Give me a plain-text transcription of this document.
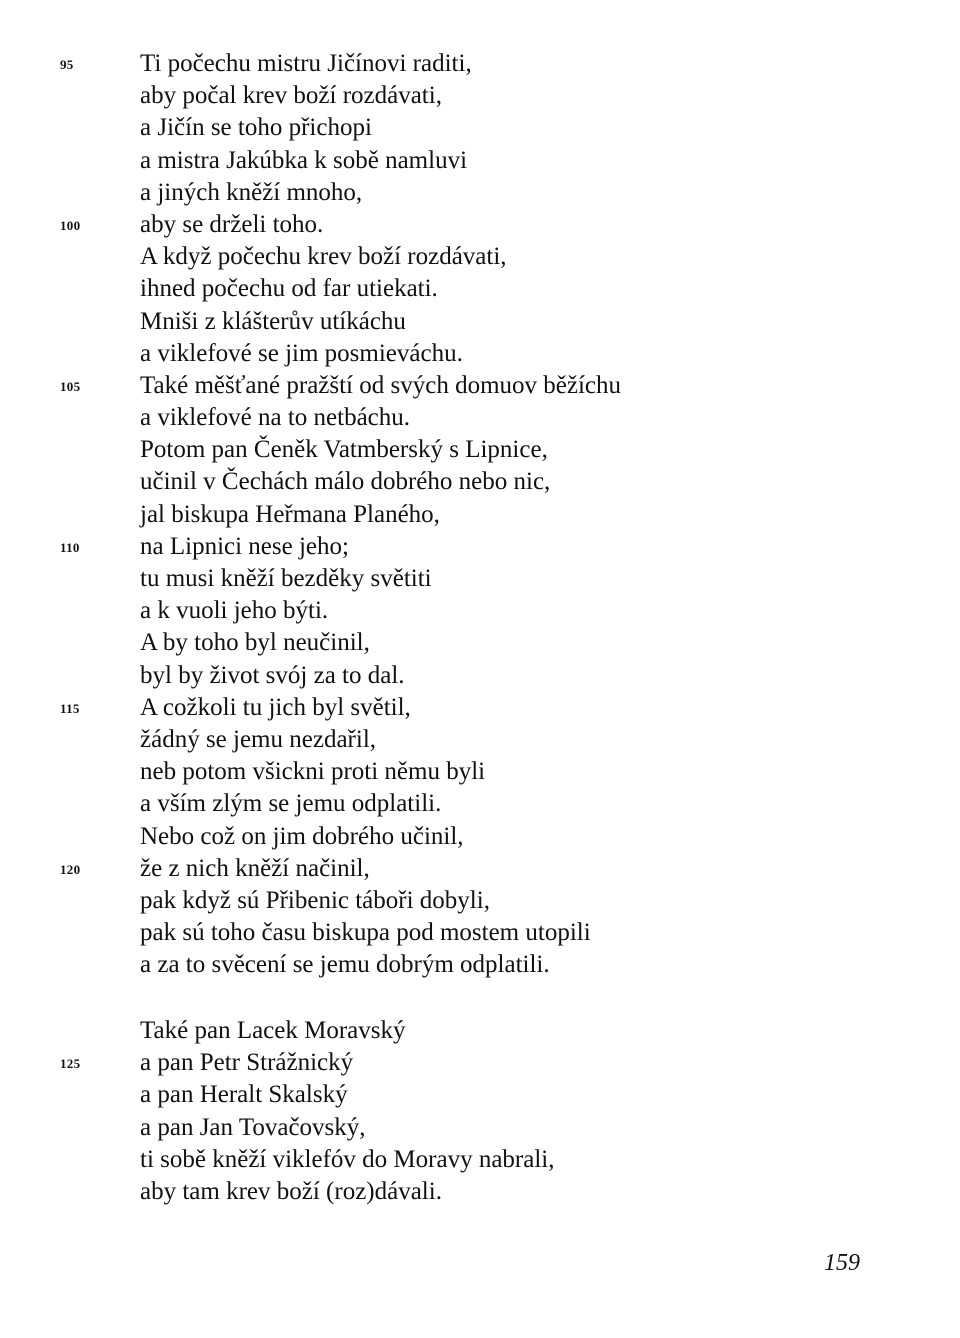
95	Ti počechu mistru Jičínovi raditi,
aby počal krev boží rozdávati,
a Jičín se toho přichopi
a mistra Jakúbka k sobě namluvi
a jiných kněží mnoho,
100	aby se drželi toho.
A když počechu krev boží rozdávati,
ihned počechu od far utiekati.
Mniši z klášterův utíkáchu
a viklefové se jim posmieváchu.
105	Také měšťané pražští od svých domuov běžíchu
a viklefové na to netbáchu.
Potom pan Čeněk Vatmberský s Lipnice,
učinil v Čechách málo dobrého nebo nic,
jal biskupa Heřmana Planého,
110	na Lipnici nese jeho;
tu musi kněží bezděky světiti
a k vuoli jeho býti.
A by toho byl neučinil,
byl by život svój za to dal.
115	A cožkoli tu jich byl světil,
žádný se jemu nezdařil,
neb potom všickni proti němu byli
a vším zlým se jemu odplatili.
Nebo což on jim dobrého učinil,
120	že z nich kněží načinil,
pak když sú Přibenic táboři dobyli,
pak sú toho času biskupa pod mostem utopili
a za to svěcení se jemu dobrým odplatili.
Také pan Lacek Moravský
125	a pan Petr Strážnický
a pan Heralt Skalský
a pan Jan Tovačovský,
ti sobě kněží viklefóv do Moravy nabrali,
aby tam krev boží (roz)dávali.
159
